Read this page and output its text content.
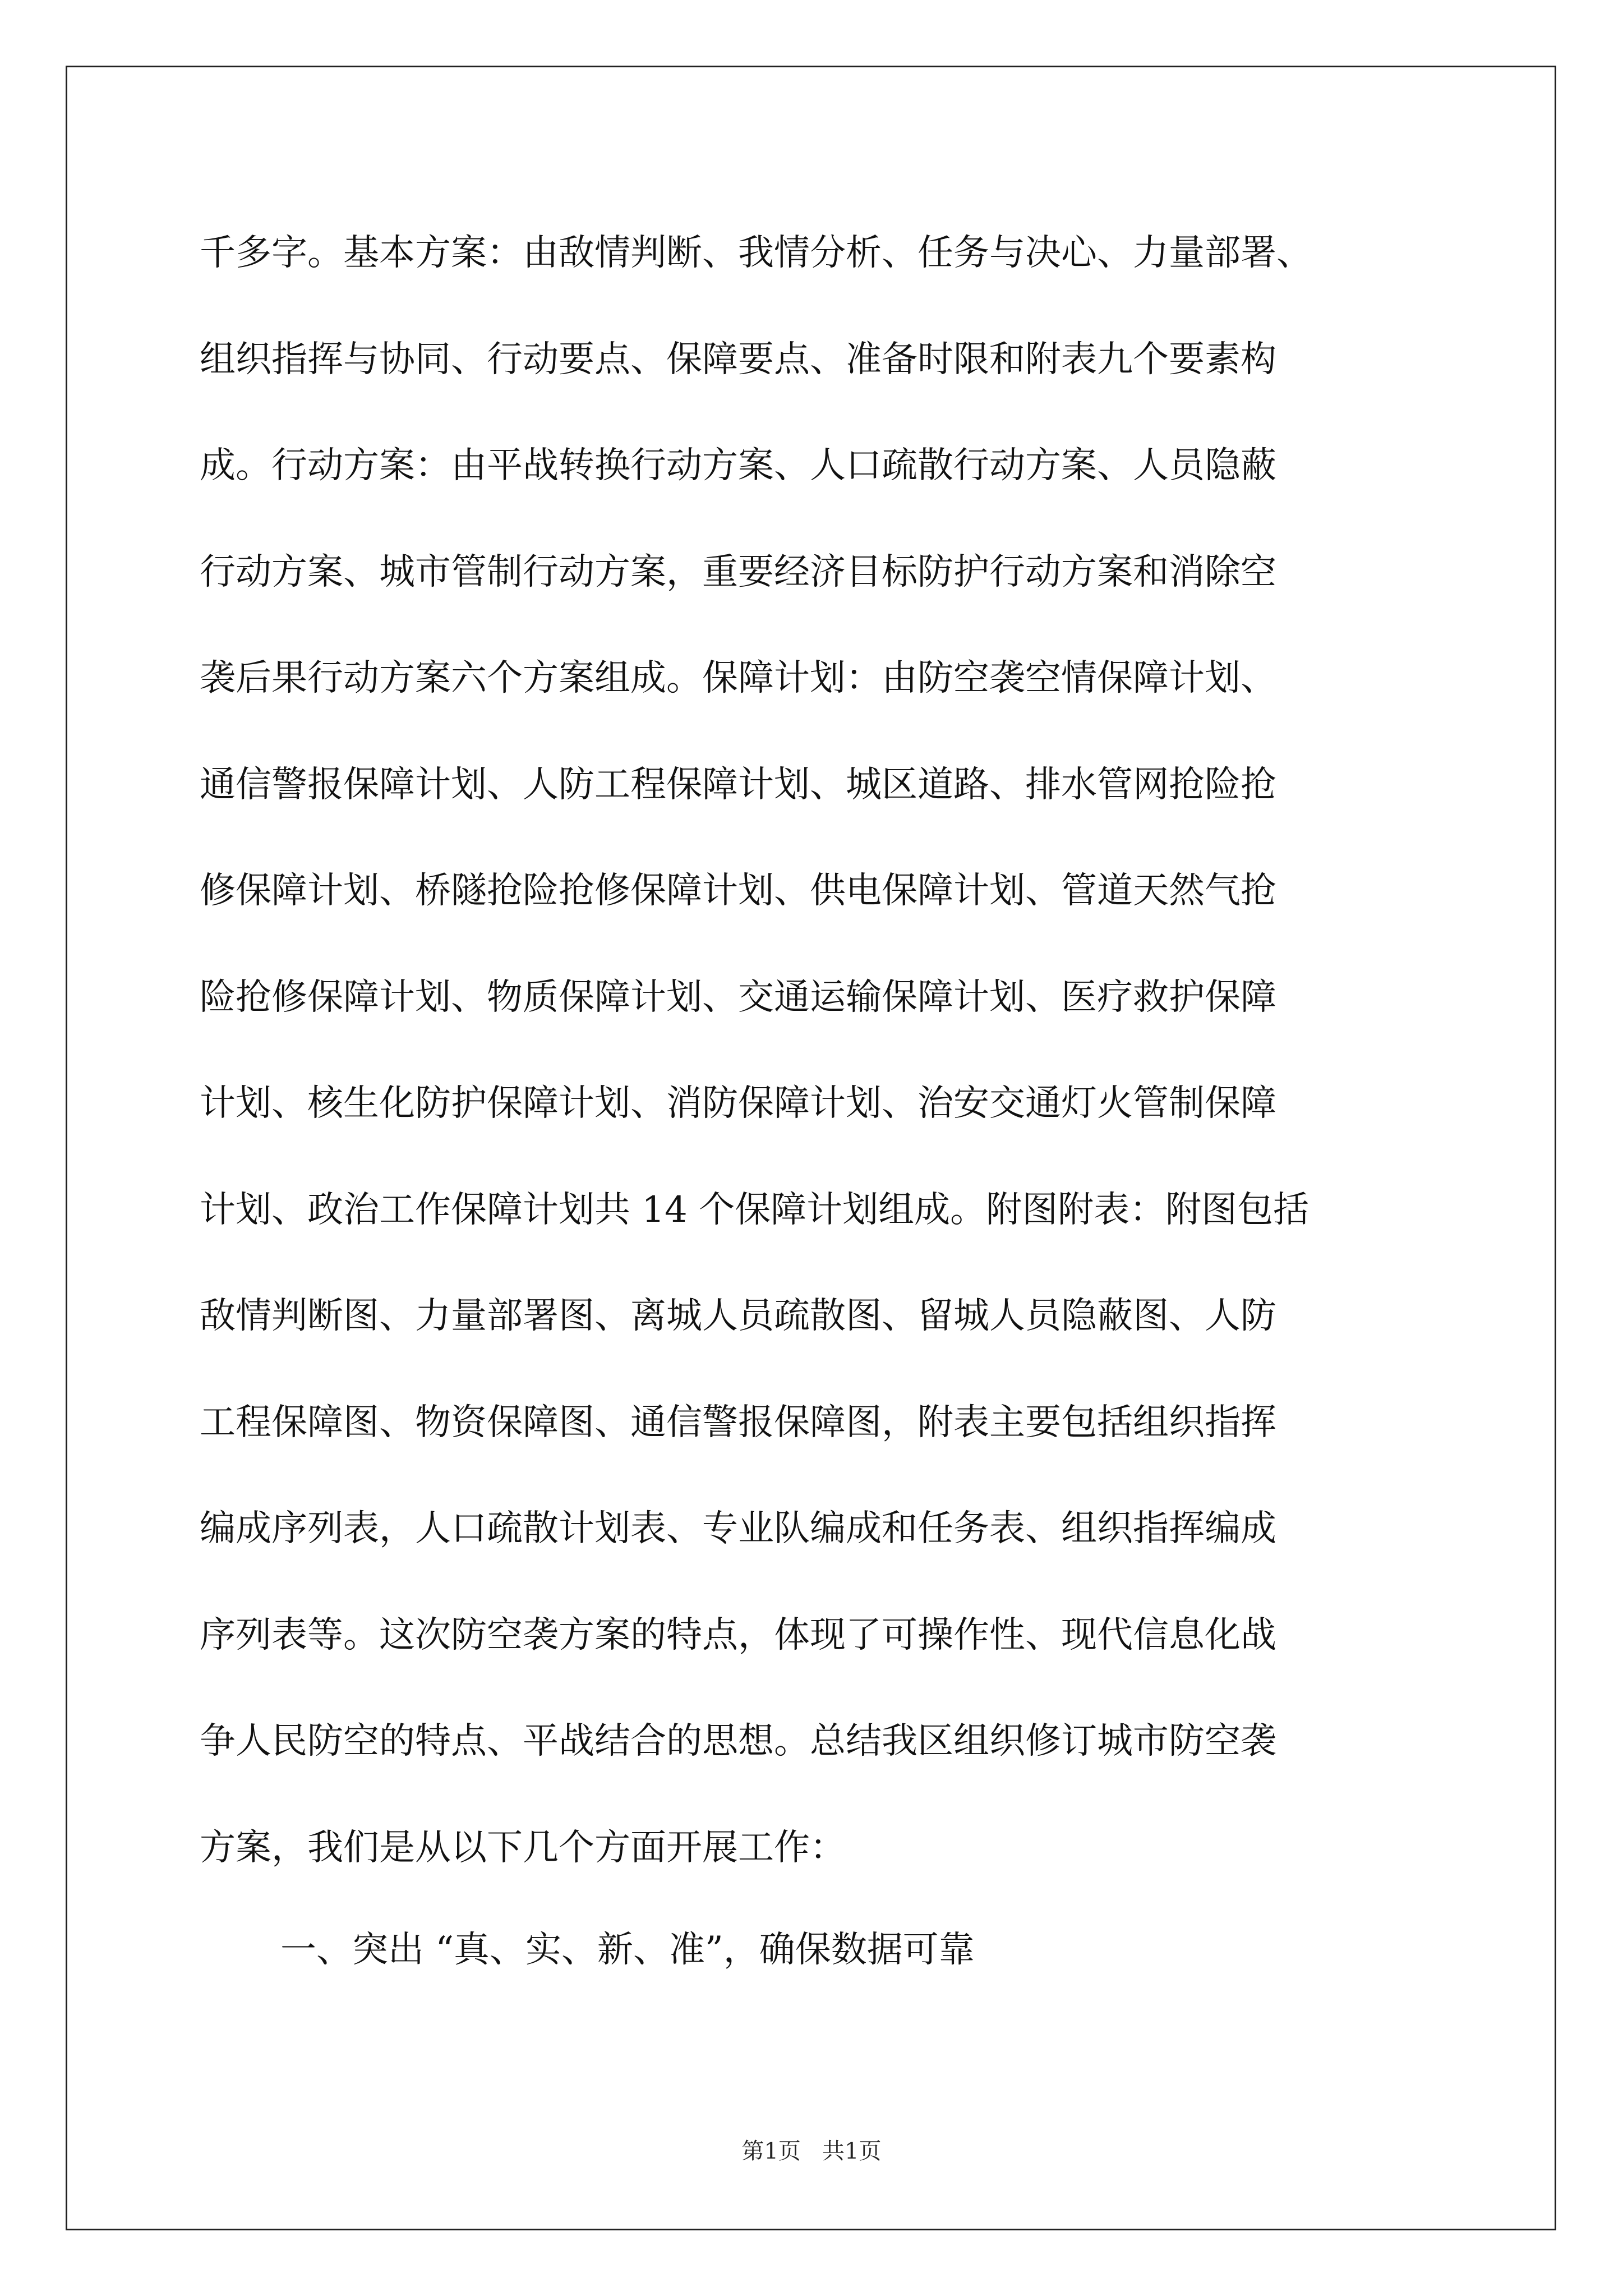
千多字。基本方案：由敌情判断、我情分析、任务与决心、力量部署、
组织指挥与协同、行动要点、保障要点、准备时限和附表九个要素构
成。行动方案：由平战转换行动方案、人口疏散行动方案、人员隐蔽
行动方案、城市管制行动方案，重要经济目标防护行动方案和消除空
袭后果行动方案六个方案组成。保障计划：由防空袭空情保障计划、
通信警报保障计划、人防工程保障计划、城区道路、排水管网抢险抢
修保障计划、桥隧抢险抢修保障计划、供电保障计划、管道天然气抢
险抢修保障计划、物质保障计划、交通运输保障计划、医疗救护保障
计划、核生化防护保障计划、消防保障计划、治安交通灯火管制保障
计划、政治工作保障计划共 14 个保障计划组成。附图附表：附图包括
敌情判断图、力量部署图、离城人员疏散图、留城人员隐蔽图、人防
工程保障图、物资保障图、通信警报保障图，附表主要包括组织指挥
编成序列表，人口疏散计划表、专业队编成和任务表、组织指挥编成
序列表等。这次防空袭方案的特点，体现了可操作性、现代信息化战
争人民防空的特点、平战结合的思想。总结我区组织修订城市防空袭
方案，我们是从以下几个方面开展工作：
一、突出 “真、实、新、准”，确保数据可靠
第1页   共1页
